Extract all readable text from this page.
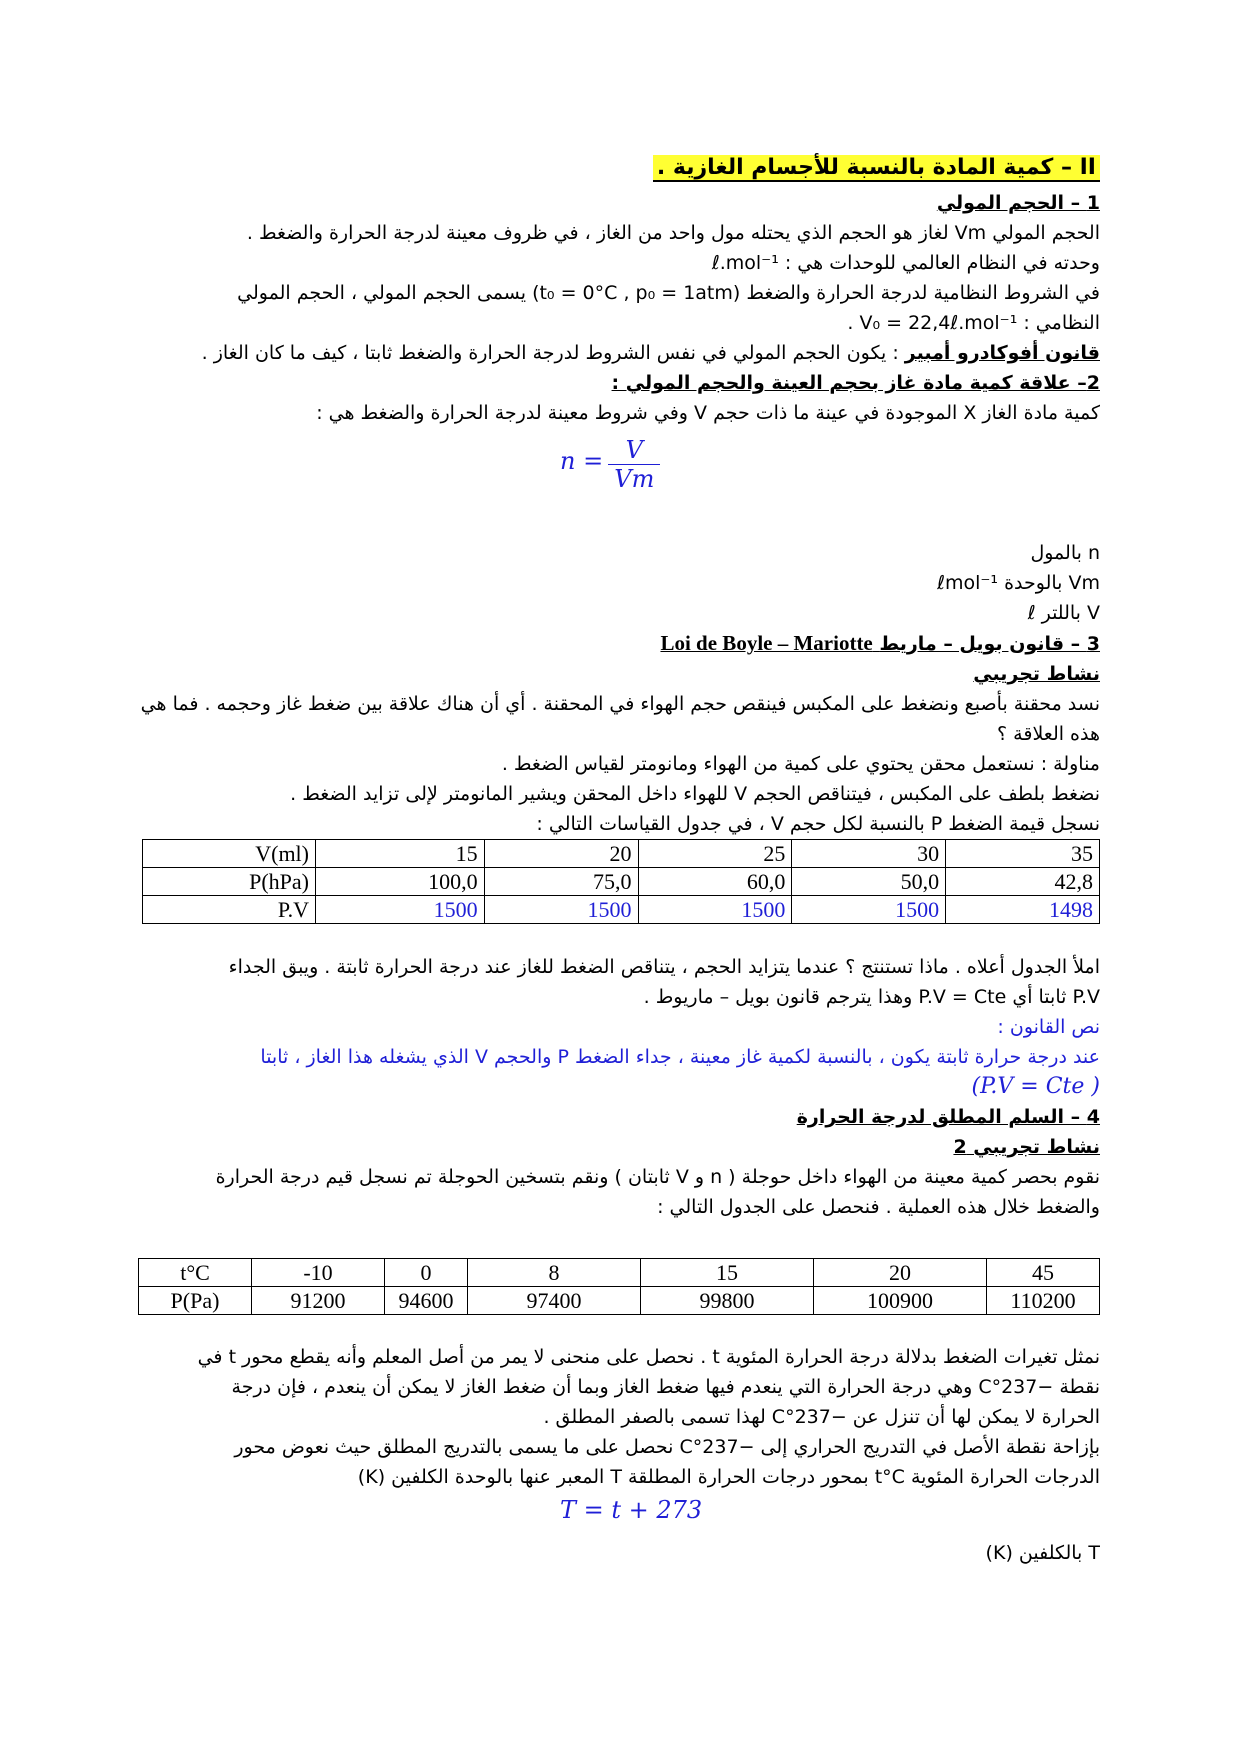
II – كمية المادة بالنسبة للأجسام الغازية .
1 – الحجم المولي
الحجم المولي Vm لغاز هو الحجم الذي يحتله مول واحد من الغاز ، في ظروف معينة لدرجة الحرارة والضغط .
وحدته في النظام العالمي للوحدات هي : ℓ.mol⁻¹
في الشروط النظامية لدرجة الحرارة والضغط (t₀ = 0°C , p₀ = 1atm) يسمى الحجم المولي ، الحجم المولي
النظامي : V₀ = 22,4ℓ.mol⁻¹ .
قانون أفوكادرو أمبير : يكون الحجم المولي في نفس الشروط لدرجة الحرارة والضغط ثابتا ، كيف ما كان الغاز .
2– علاقة كمية مادة غاز بحجم العينة والحجم المولي :
كمية مادة الغاز X الموجودة في عينة ما ذات حجم V وفي شروط معينة لدرجة الحرارة والضغط هي :
$n = \frac{V}{Vm}$
n بالمول
Vm بالوحدة ℓmol⁻¹
V باللتر ℓ
3 – قانون بويل – ماريط Loi de Boyle – Mariotte
نشاط تجريبي
نسد محقنة بأصبع ونضغط على المكبس فينقص حجم الهواء في المحقنة . أي أن هناك علاقة بين ضغط غاز وحجمه . فما هي هذه العلاقة ؟
مناولة : نستعمل محقن يحتوي على كمية من الهواء ومانومتر لقياس الضغط .
نضغط بلطف على المكبس ، فيتناقص الحجم V للهواء داخل المحقن ويشير المانومتر لإلى تزايد الضغط .
نسجل قيمة الضغط P بالنسبة لكل حجم V ، في جدول القياسات التالي :
V(ml)	15	20	25	30	35
P(hPa)	100,0	75,0	60,0	50,0	42,8
P.V	1500	1500	1500	1500	1498
املأ الجدول أعلاه . ماذا تستنتج ؟ عندما يتزايد الحجم ، يتناقص الضغط للغاز عند درجة الحرارة ثابتة . ويبق الجداء
P.V ثابتا أي P.V = Cte وهذا يترجم قانون بويل – ماريوط .
نص القانون :
عند درجة حرارة ثابتة يكون ، بالنسبة لكمية غاز معينة ، جداء الضغط P والحجم V الذي يشغله هذا الغاز ، ثابتا
( P.V = Cte)
4 – السلم المطلق لدرجة الحرارة
نشاط تجريبي 2
نقوم بحصر كمية معينة من الهواء داخل حوجلة ( n و V ثابتان ) ونقم بتسخين الحوجلة تم نسجل قيم درجة الحرارة
والضغط خلال هذه العملية . فنحصل على الجدول التالي :
t°C	-10	0	8	15	20	45
P(Pa)	91200	94600	97400	99800	100900	110200
نمثل تغيرات الضغط بدلالة درجة الحرارة المئوية t . نحصل على منحنى لا يمر من أصل المعلم وأنه يقطع محور t في
نقطة −237°C وهي درجة الحرارة التي ينعدم فيها ضغط الغاز وبما أن ضغط الغاز لا يمكن أن ينعدم ، فإن درجة
الحرارة لا يمكن لها أن تنزل عن −237°C لهذا تسمى بالصفر المطلق .
بإزاحة نقطة الأصل في التدريج الحراري إلى −237°C نحصل على ما يسمى بالتدريج المطلق حيث نعوض محور
الدرجات الحرارة المئوية t°C بمحور درجات الحرارة المطلقة T المعبر عنها بالوحدة الكلفين (K)
T = t + 273
T بالكلفين (K)
